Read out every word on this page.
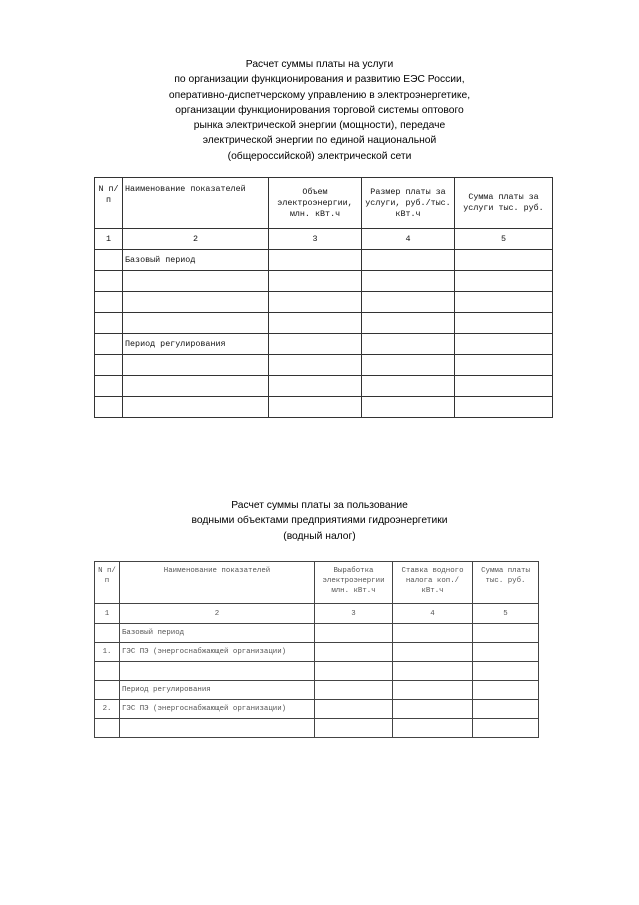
Расчет суммы платы на услуги
по организации функционирования и развитию ЕЭС России,
оперативно-диспетчерскому управлению в электроэнергетике,
организации функционирования торговой системы оптового
рынка электрической энергии (мощности), передаче
электрической энергии по единой национальной
(общероссийской) электрической сети
N п/п	Наименование показателей	Объем электроэнергии, млн. кВт.ч	Размер платы за услуги, руб./тыс. кВт.ч	Сумма платы за услуги тыс. руб.
1	2	3	4	5
	Базовый период			

	Период регулирования			

Расчет суммы платы за пользование
водными объектами предприятиями гидроэнергетики
(водный налог)
N п/п	Наименование показателей	Выработка электроэнергии млн. кВт.ч	Ставка водного налога коп./ кВт.ч	Сумма платы тыс. руб.
1	2	3	4	5
	Базовый период			
1.	ГЭС ПЭ (энергоснабжающей организации)			

	Период регулирования			
2.	ГЭС ПЭ (энергоснабжающей организации)			
